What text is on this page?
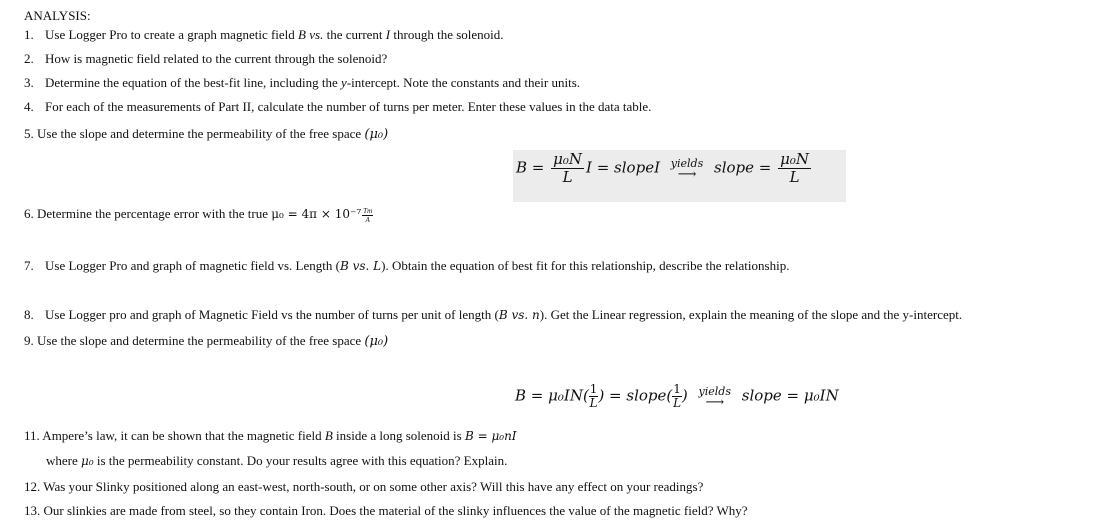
ANALYSIS:
1. Use Logger Pro to create a graph magnetic field B vs. the current I through the solenoid.
2. How is magnetic field related to the current through the solenoid?
3. Determine the equation of the best-fit line, including the y-intercept. Note the constants and their units.
4. For each of the measurements of Part II, calculate the number of turns per meter. Enter these values in the data table.
5. Use the slope and determine the permeability of the free space (μ₀)
$B = \frac{\text{μ₀N}}{L}$ I = slopeI yields
⟶ slope = $\frac{\text{μ₀N}}{L}$
6. Determine the percentage error with the true $\mu_0 = 4\pi \times 10^{-7} \frac{Tm}{A}$
7. Use Logger Pro and graph of magnetic field vs. Length (B vs. L). Obtain the equation of best fit for this relationship, describe the relationship.
8. Use Logger pro and graph of Magnetic Field vs the number of turns per unit of length (B vs. n). Get the Linear regression, explain the meaning of the slope and the y-intercept.
9. Use the slope and determine the permeability of the free space (μ₀)
$B = \mu_0IN( \frac{1}{L}$ ) = slope( $\frac{1}{L}$ ) yields
⟶ slope = μ₀IN
11. Ampere’s law, it can be shown that the magnetic field B inside a long solenoid is B = μ₀nI
where μ₀ is the permeability constant. Do your results agree with this equation? Explain.
12. Was your Slinky positioned along an east-west, north-south, or on some other axis? Will this have any effect on your readings?
13. Our slinkies are made from steel, so they contain Iron. Does the material of the slinky influences the value of the magnetic field? Why?
